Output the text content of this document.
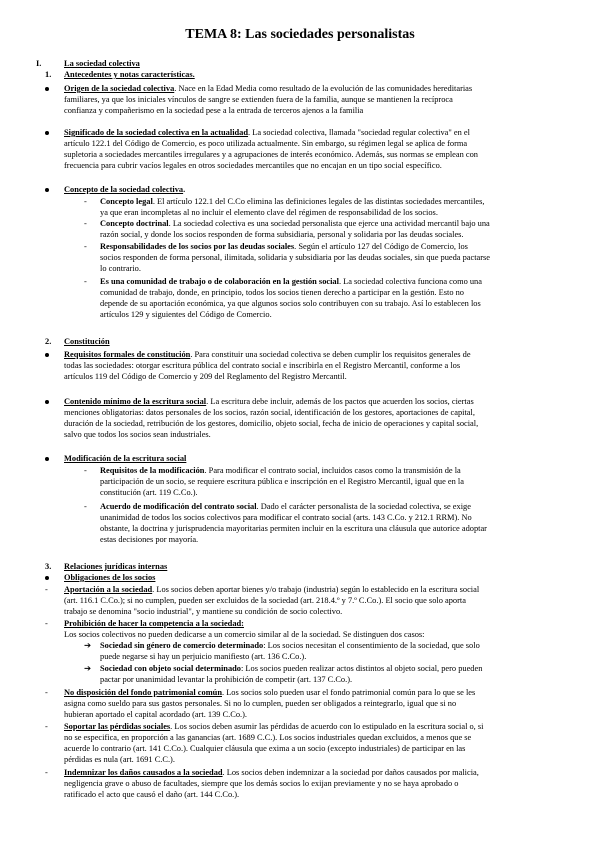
TEMA 8: Las sociedades personalistas
I.	La sociedad colectiva
1. Antecedentes y notas características.
Origen de la sociedad colectiva. Nace en la Edad Media como resultado de la evolución de las comunidades hereditarias
familiares, ya que los iniciales vínculos de sangre se extienden fuera de la familia, aunque se mantienen la recíproca
confianza y compañerismo en la sociedad pese a la entrada de terceros ajenos a la familia
Significado de la sociedad colectiva en la actualidad. La sociedad colectiva, llamada "sociedad regular colectiva" en el
artículo 122.1 del Código de Comercio, es poco utilizada actualmente. Sin embargo, su régimen legal se aplica de forma
supletoria a sociedades mercantiles irregulares y a agrupaciones de interés económico. Además, sus normas se emplean con
frecuencia para cubrir vacíos legales en otros sociedades mercantiles que no encajan en un tipo social específico.
Concepto de la sociedad colectiva.
- Concepto legal. El artículo 122.1 del C.Co elimina las definiciones legales de las distintas sociedades mercantiles,
ya que eran incompletas al no incluir el elemento clave del régimen de responsabilidad de los socios.
- Concepto doctrinal. La sociedad colectiva es una sociedad personalista que ejerce una actividad mercantil bajo una
razón social, y donde los socios responden de forma subsidiaria, personal y solidaria por las deudas sociales.
- Responsabilidades de los socios por las deudas sociales. Según el artículo 127 del Código de Comercio, los
socios responden de forma personal, ilimitada, solidaria y subsidiaria por las deudas sociales, sin que pueda pactarse
lo contrario.
- Es una comunidad de trabajo o de colaboración en la gestión social. La sociedad colectiva funciona como una
comunidad de trabajo, donde, en principio, todos los socios tienen derecho a participar en la gestión. Esto no
depende de su aportación económica, ya que algunos socios solo contribuyen con su trabajo. Así lo establecen los
artículos 129 y siguientes del Código de Comercio.
2. Constitución
Requisitos formales de constitución. Para constituir una sociedad colectiva se deben cumplir los requisitos generales de
todas las sociedades: otorgar escritura pública del contrato social e inscribirla en el Registro Mercantil, conforme a los
artículos 119 del Código de Comercio y 209 del Reglamento del Registro Mercantil.
Contenido mínimo de la escritura social. La escritura debe incluir, además de los pactos que acuerden los socios, ciertas
menciones obligatorias: datos personales de los socios, razón social, identificación de los gestores, aportaciones de capital,
duración de la sociedad, retribución de los gestores, domicilio, objeto social, fecha de inicio de operaciones y capital social,
salvo que todos los socios sean industriales.
Modificación de la escritura social
- Requisitos de la modificación. Para modificar el contrato social, incluidos casos como la transmisión de la
participación de un socio, se requiere escritura pública e inscripción en el Registro Mercantil, igual que en la
constitución (art. 119 C.Co.).
- Acuerdo de modificación del contrato social. Dado el carácter personalista de la sociedad colectiva, se exige
unanimidad de todos los socios colectivos para modificar el contrato social (arts. 143 C.Co. y 212.1 RRM). No
obstante, la doctrina y jurisprudencia mayoritarias permiten incluir en la escritura una cláusula que autorice adoptar
estas decisiones por mayoría.
3. Relaciones jurídicas internas
Obligaciones de los socios
- Aportación a la sociedad. Los socios deben aportar bienes y/o trabajo (industria) según lo establecido en la escritura social
(art. 116.1 C.Co.); si no cumplen, pueden ser excluidos de la sociedad (art. 218.4.º y 7.º C.Co.). El socio que solo aporta
trabajo se denomina "socio industrial", y mantiene su condición de socio colectivo.
- Prohibición de hacer la competencia a la sociedad:
Los socios colectivos no pueden dedicarse a un comercio similar al de la sociedad. Se distinguen dos casos:
➔ Sociedad sin género de comercio determinado: Los socios necesitan el consentimiento de la sociedad, que solo
puede negarse si hay un perjuicio manifiesto (art. 136 C.Co.).
➔ Sociedad con objeto social determinado: Los socios pueden realizar actos distintos al objeto social, pero pueden
pactar por unanimidad levantar la prohibición de competir (art. 137 C.Co.).
- No disposición del fondo patrimonial común. Los socios solo pueden usar el fondo patrimonial común para lo que se les
asigna como sueldo para sus gastos personales. Si no lo cumplen, pueden ser obligados a reintegrarlo, igual que si no
hubieran aportado el capital acordado (art. 139 C.Co.).
- Soportar las pérdidas sociales. Los socios deben asumir las pérdidas de acuerdo con lo estipulado en la escritura social o, si
no se especifica, en proporción a las ganancias (art. 1689 C.C.). Los socios industriales quedan excluidos, a menos que se
acuerde lo contrario (art. 141 C.Co.). Cualquier cláusula que exima a un socio (excepto industriales) de participar en las
pérdidas es nula (art. 1691 C.C.).
- Indemnizar los daños causados a la sociedad. Los socios deben indemnizar a la sociedad por daños causados por malicia,
negligencia grave o abuso de facultades, siempre que los demás socios lo exijan previamente y no se haya aprobado o
ratificado el acto que causó el daño (art. 144 C.Co.).
